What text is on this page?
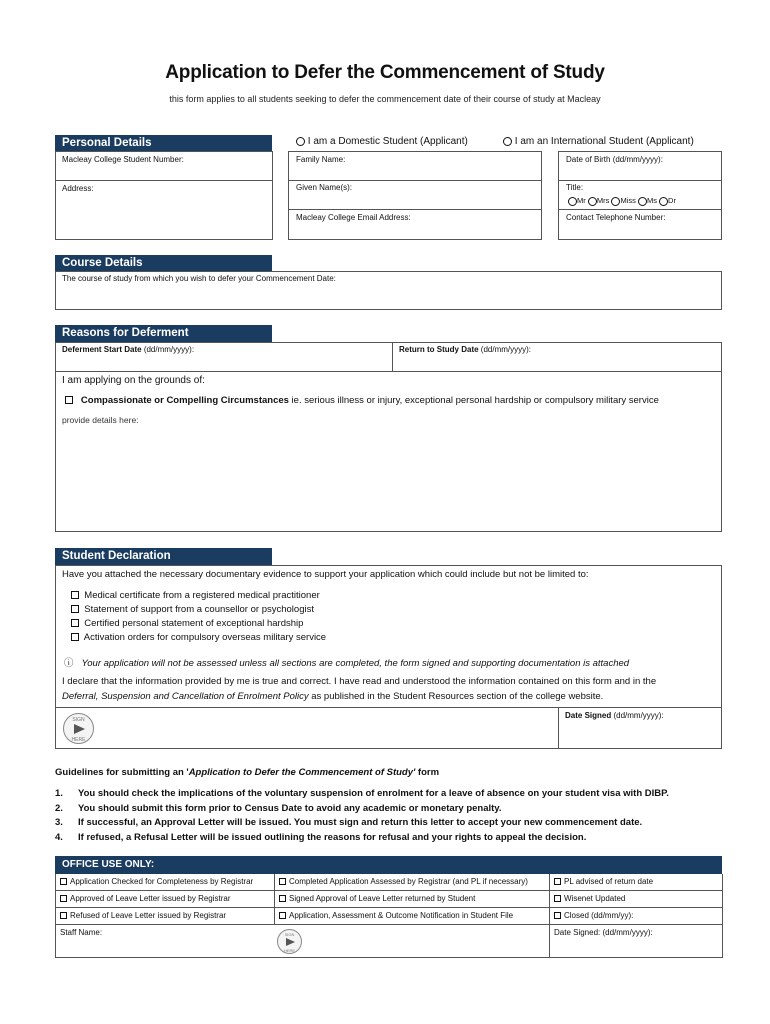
Application to Defer the Commencement of Study
this form applies to all students seeking to defer the commencement date of their course of study at Macleay
Personal Details	I am a Domestic Student (Applicant)	I am an International Student (Applicant)
Macleay College Student Number:
Address:
Family Name:
Given Name(s):
Macleay College Email Address:
Date of Birth (dd/mm/yyyy):
Title:
Mr Mrs Miss Ms Dr
Contact Telephone Number:
Course Details
The course of study from which you wish to defer your Commencement Date:
Reasons for Deferment
Deferment Start Date (dd/mm/yyyy):	Return to Study Date (dd/mm/yyyy):
I am applying on the grounds of:
Compassionate or Compelling Circumstances ie. serious illness or injury, exceptional personal hardship or compulsory military service
provide details here:
Student Declaration
Have you attached the necessary documentary evidence to support your application which could include but not be limited to:
Medical certificate from a registered medical practitioner
Statement of support from a counsellor or psychologist
Certified personal statement of exceptional hardship
Activation orders for compulsory overseas military service
ⓘ Your application will not be assessed unless all sections are completed, the form signed and supporting documentation is attached
I declare that the information provided by me is true and correct. I have read and understood the information contained on this form and in the
Deferral, Suspension and Cancellation of Enrolment Policy as published in the Student Resources section of the college website.
SIGN
HERE
Date Signed (dd/mm/yyyy):
Guidelines for submitting an 'Application to Defer the Commencement of Study' form
1. You should check the implications of the voluntary suspension of enrolment for a leave of absence on your student visa with DIBP.
2. You should submit this form prior to Census Date to avoid any academic or monetary penalty.
3. If successful, an Approval Letter will be issued. You must sign and return this letter to accept your new commencement date.
4. If refused, a Refusal Letter will be issued outlining the reasons for refusal and your rights to appeal the decision.
OFFICE USE ONLY:
Application Checked for Completeness by Registrar	Completed Application Assessed by Registrar (and PL if necessary)	PL advised of return date
Approved of Leave Letter issued by Registrar	Signed Approval of Leave Letter returned by Student	Wisenet Updated
Refused of Leave Letter issued by Registrar	Application, Assessment & Outcome Notification in Student File	Closed (dd/mm/yy):
Staff Name:	SIGN
HERE
Date Signed: (dd/mm/yyyy):
